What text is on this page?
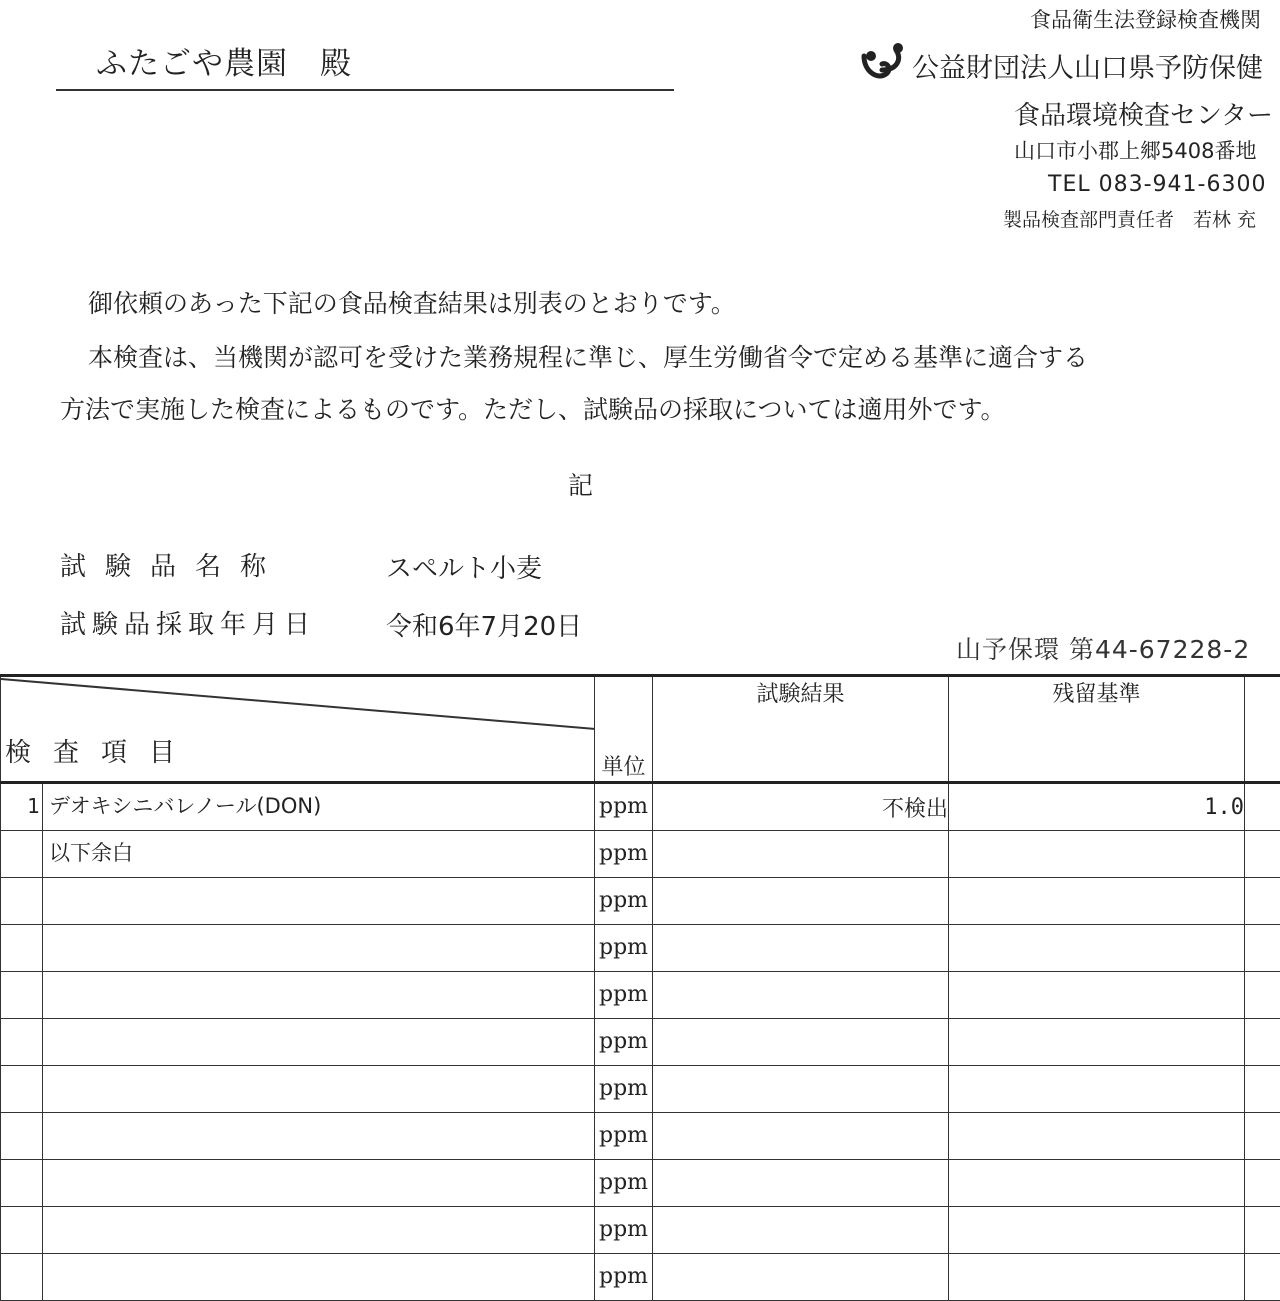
ふたごや農園　殿
食品衛生法登録検査機関
公益財団法人山口県予防保健
食品環境検査センター
山口市小郡上郷5408番地
TEL 083-941-6300
製品検査部門責任者　若林 充
御依頼のあった下記の食品検査結果は別表のとおりです。
本検査は、当機関が認可を受けた業務規程に準じ、厚生労働省令で定める基準に適合する
方法で実施した検査によるものです。ただし、試験品の採取については適用外です。
記
試験品名称	スペルト小麦
試験品採取年月日	令和6年7月20日
山予保環 第44-67228-2
検査項目	単位	試験結果	残留基準	

1 デオキシニバレノール(DON)	ppm	不検出	1.0	

以下余白	ppm			

	ppm			

	ppm			

	ppm			

	ppm			

	ppm			

	ppm			

	ppm			

	ppm			

	ppm			
